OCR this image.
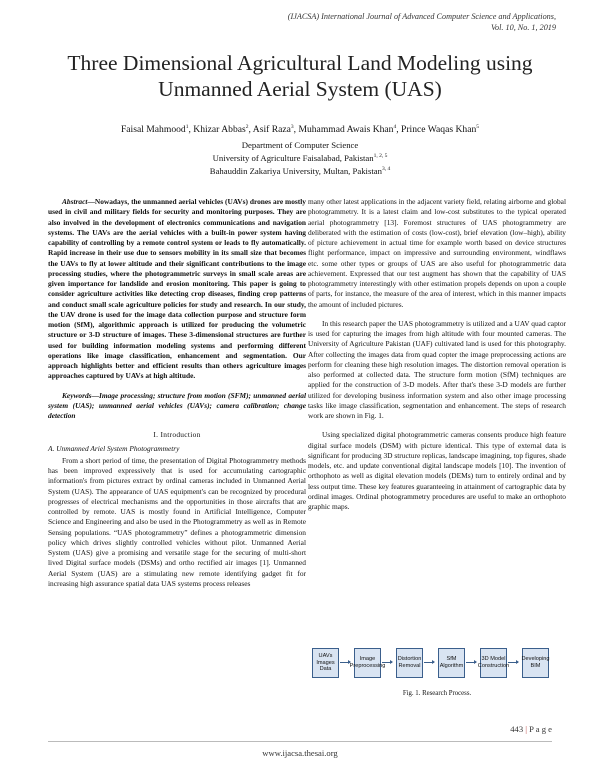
(IJACSA) International Journal of Advanced Computer Science and Applications,
Vol. 10, No. 1, 2019
Three Dimensional Agricultural Land Modeling using
Unmanned Aerial System (UAS)
Faisal Mahmood$^1$, Khizar Abbas$^2$, Asif Raza$^3$, Muhammad Awais Khan$^4$, Prince Waqas Khan$^5$
Department of Computer Science
University of Agriculture Faisalabad, Pakistan$^{1, 2, 5}$
Bahauddin Zakariya University, Multan, Pakistan$^{3, 4}$

Abstract—Nowadays, the unmanned aerial vehicles (UAVs) drones are mostly used in civil and military fields for security and monitoring purposes. They are also involved in the development of electronics communications and navigation systems. The UAVs are the aerial vehicles with a built-in power system having capability of controlling by a remote control system or leads to fly automatically. Rapid increase in their use due to sensors mobility in its small size that becomes the UAVs to fly at lower altitude and their significant contributions to the image processing studies, where the photogrammetric surveys in small scale areas are given importance for landslide and erosion monitoring. This paper is going to consider agriculture activities like detecting crop diseases, finding crop patterns and conduct small scale agriculture policies for study and research. In our study, the UAV drone is used for the image data collection purpose and structure form motion (SfM), algorithmic approach is utilized for producing the volumetric structure or 3-D structure of images. These 3-dimensional structures are further used for building information modeling systems and performing different operations like image classification, enhancement and segmentation. Our approach highlights better and efficient results than others agriculture images approaches captured by UAVs at high altitude.

Keywords—Image processing; structure from motion (SFM); unmanned aerial system (UAS); unmanned aerial vehicles (UAVs); camera calibration; change detection

I. Introduction

A. Unmanned Ariel System Photogrammetry

From a short period of time, the presentation of Digital Photogrammetry methods has been improved expressively that is used for accumulating cartographic information's from pictures extract by ordinal cameras included in Unmanned Aerial System (UAS). The appearance of UAS equipment's can be recognized by procedural progresses of electrical mechanisms and the opportunities in those aircrafts that are controlled by remote. UAS is mostly found in Artificial Intelligence, Computer Science and Engineering and also be used in the Photogrammetry as well as in Remote Sensing populations. “UAS photogrammetry” defines a photogrammetric dimension policy which drives slightly controlled vehicles without pilot. Unmanned Aerial System (UAS) give a promising and versatile stage for the securing of multi-short lived Digital surface models (DSMs) and ortho rectified air images [1]. Unmanned Aerial System (UAS) are a stimulating new remote identifying gadget fit for increasing high assurance spatial data UAS systems process releases

many other latest applications in the adjacent variety field, relating airborne and global photogrammetry. It is a latest claim and low-cost substitutes to the typical operated aerial photogrammetry [13]. Foremost structures of UAS photogrammetry are deliberated with the estimation of costs (low-cost), brief elevation (low–high), ability of picture achievement in actual time for example worth based on device structures flight performance, impact on impressive and surrounding environment, windflaws etc. some other types or groups of UAS are also useful for photogrammetric data achievement. Expressed that our test augment has shown that the capability of UAS photogrammetry interestingly with other estimation propels depends on upon a couple of parts, for instance, the measure of the area of interest, which in this manner impacts the amount of included pictures.

In this research paper the UAS photogrammetry is utilized and a UAV quad captor is used for capturing the images from high altitude with four mounted cameras. The University of Agriculture Pakistan (UAF) cultivated land is used for this photography. After collecting the images data from quad copter the image preprocessing actions are perform for cleaning these high resolution images. The distortion removal operation is also performed at collected data. The structure form motion (SfM) techniques are applied for the construction of 3-D models. After that's these 3-D models are further utilized for developing business information system and also other image processing tasks like image classification, segmentation and enhancement. The steps of research work are shown in Fig. 1.

Using specialized digital photogrammetric cameras consents produce high feature digital surface models (DSM) with picture identical. This type of external data is significant for producing 3D structure replicas, landscape imagining, top figures, shade models, etc. and update conventional digital landscape models [10]. The invention of orthophoto as well as digital elevation models (DEMs) turn to entirely ordinal and by less output time. These key features guaranteeing in attainment of cartographic data by ordinal images. Ordinal photogrammetry procedures are useful to make an orthophoto graphic maps.

UAVs Images Data
Image Preprocessing
Distortion Removal
SfM Algorithm
3D Model Construction
Developing BIM
Fig. 1. Research Process.
443 | P a g e
www.ijacsa.thesai.org
